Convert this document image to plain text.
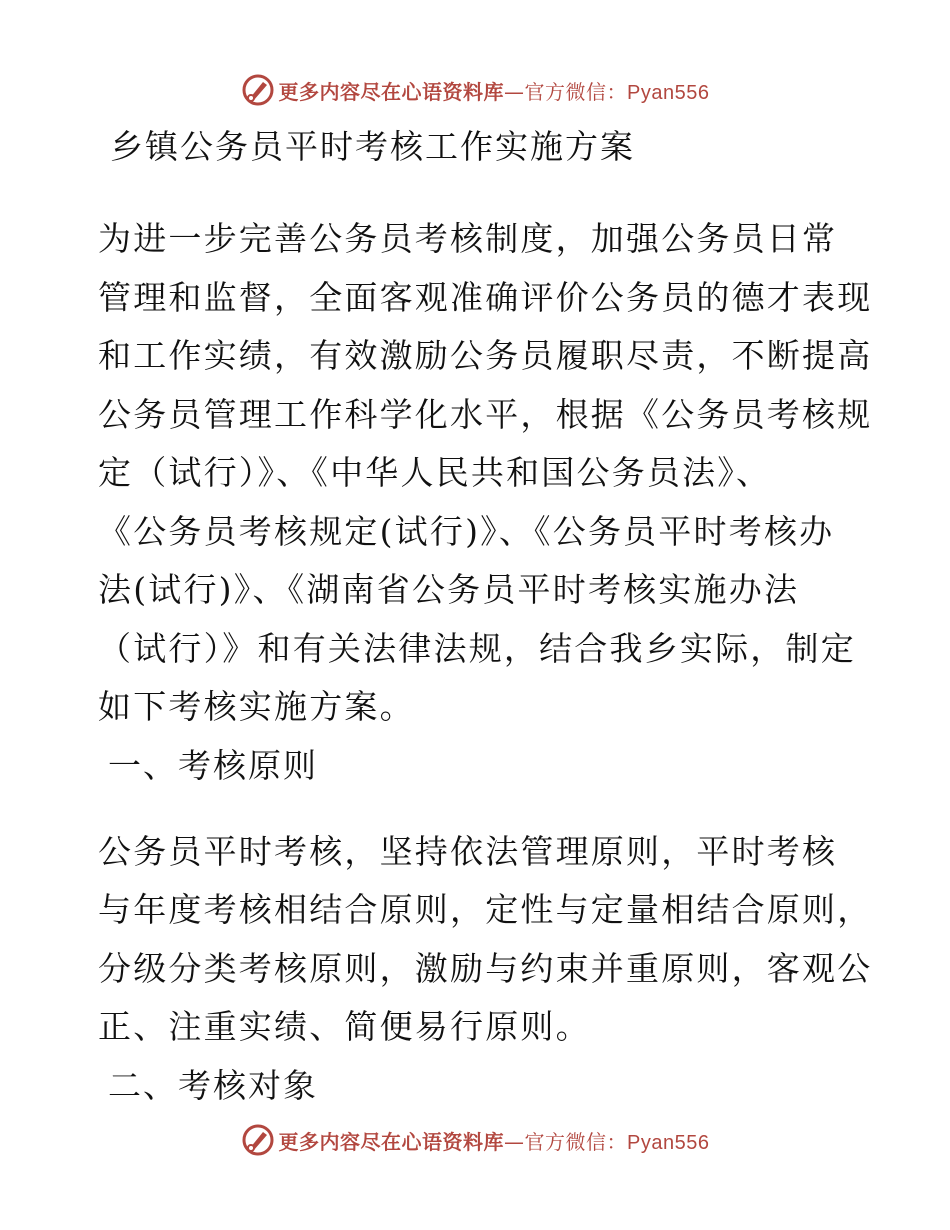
更多内容尽在心语资料库—官方微信：Pyan556
乡镇公务员平时考核工作实施方案
为进一步完善公务员考核制度，加强公务员日常
管理和监督，全面客观准确评价公务员的德才表现
和工作实绩，有效激励公务员履职尽责，不断提高
公务员管理工作科学化水平，根据《公务员考核规
定（试行）》、《中华人民共和国公务员法》、
《公务员考核规定(试行)》、《公务员平时考核办
法(试行)》、《湖南省公务员平时考核实施办法
（试行）》和有关法律法规，结合我乡实际，制定
如下考核实施方案。
一、考核原则
公务员平时考核，坚持依法管理原则，平时考核
与年度考核相结合原则，定性与定量相结合原则，
分级分类考核原则，激励与约束并重原则，客观公
正、注重实绩、简便易行原则。
二、考核对象
更多内容尽在心语资料库—官方微信：Pyan556
